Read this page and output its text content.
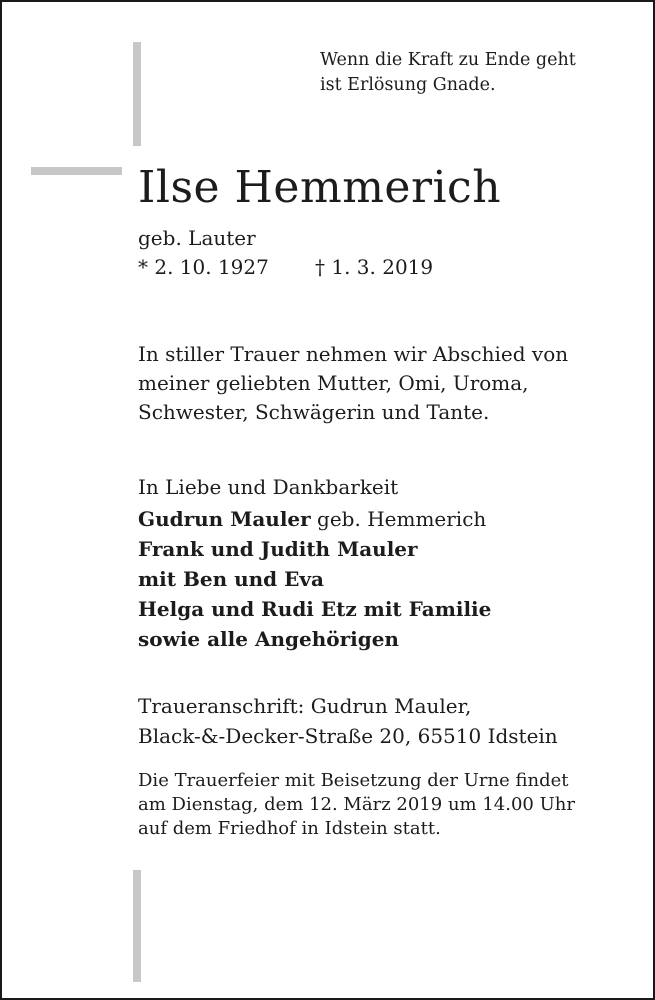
Wenn die Kraft zu Ende geht
ist Erlösung Gnade.
Ilse Hemmerich
geb. Lauter
* 2. 10. 1927 † 1. 3. 2019
In stiller Trauer nehmen wir Abschied von
meiner geliebten Mutter, Omi, Uroma,
Schwester, Schwägerin und Tante.
In Liebe und Dankbarkeit
Gudrun Mauler geb. Hemmerich
Frank und Judith Mauler
mit Ben und Eva
Helga und Rudi Etz mit Familie
sowie alle Angehörigen
Traueranschrift: Gudrun Mauler,
Black-&-Decker-Straße 20, 65510 Idstein
Die Trauerfeier mit Beisetzung der Urne findet
am Dienstag, dem 12. März 2019 um 14.00 Uhr
auf dem Friedhof in Idstein statt.
